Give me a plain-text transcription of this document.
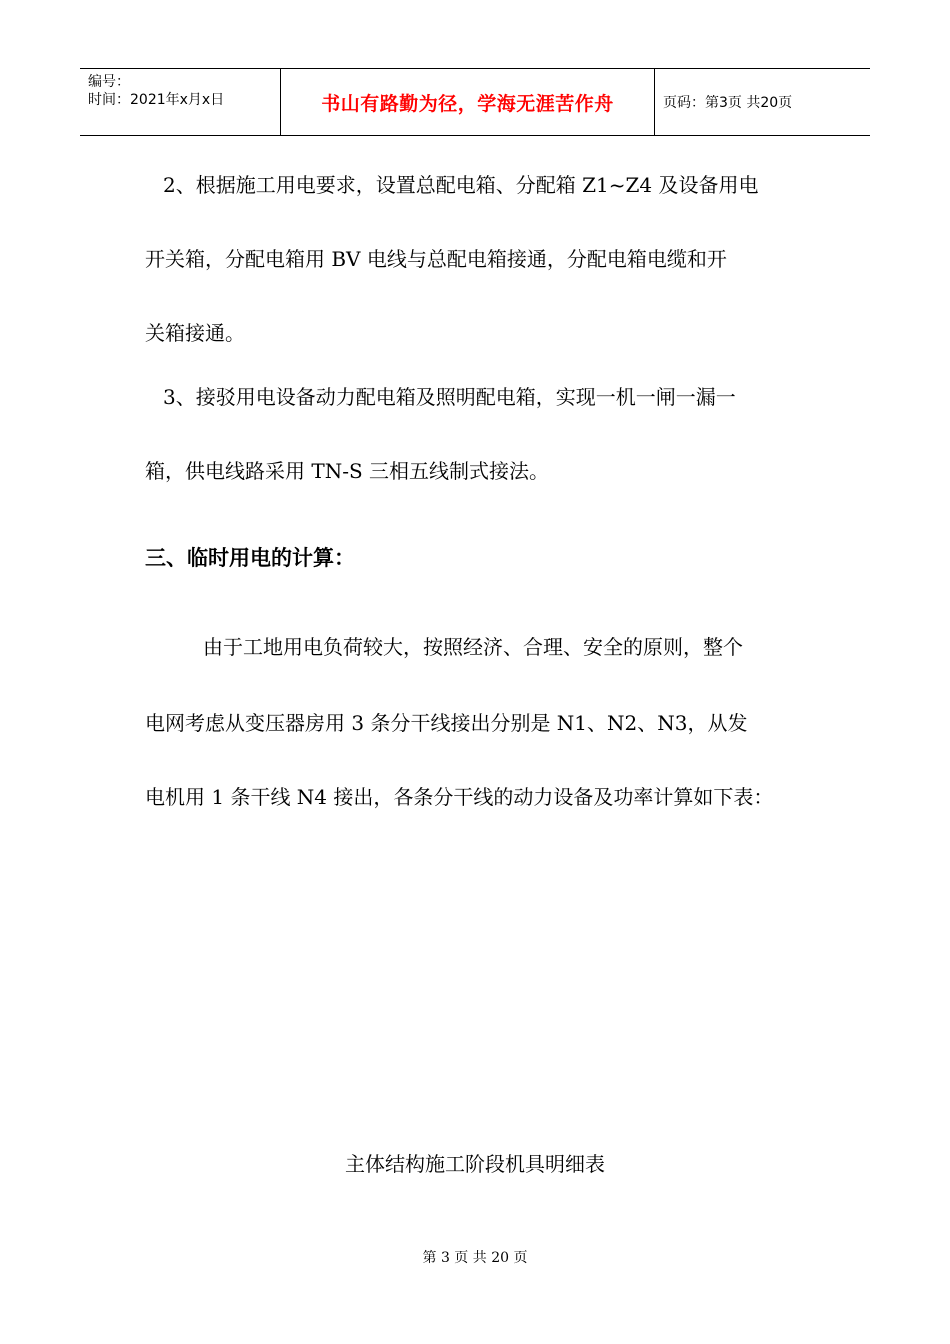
编号：
时间：2021年x月x日	书山有路勤为径，学海无涯苦作舟	页码：第3页 共20页
2、根据施工用电要求，设置总配电箱、分配箱 Z1~Z4 及设备用电
开关箱，分配电箱用 BV 电线与总配电箱接通，分配电箱电缆和开
关箱接通。
3、接驳用电设备动力配电箱及照明配电箱，实现一机一闸一漏一
箱，供电线路采用 TN-S 三相五线制式接法。
三、临时用电的计算：
由于工地用电负荷较大，按照经济、合理、安全的原则，整个
电网考虑从变压器房用 3 条分干线接出分别是 N1、N2、N3，从发
电机用 1 条干线 N4 接出，各条分干线的动力设备及功率计算如下表：
主体结构施工阶段机具明细表
第 3 页 共 20 页
